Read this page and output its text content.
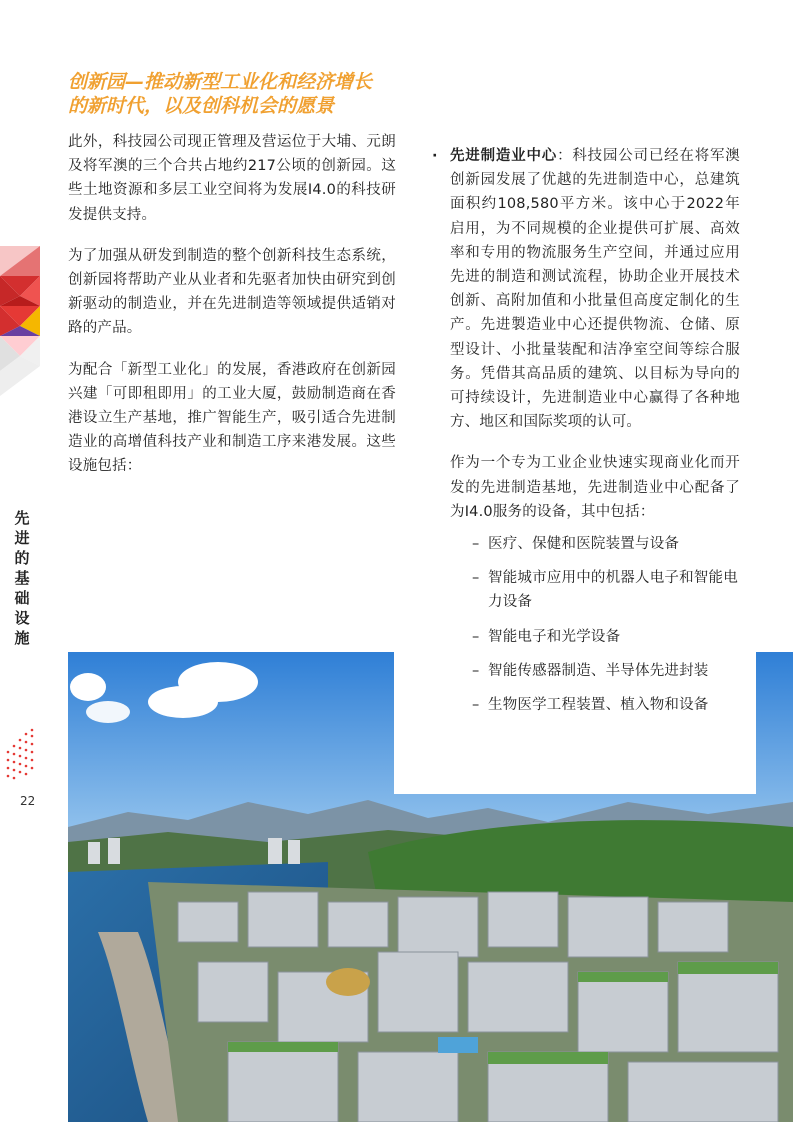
创新园—推动新型工业化和经济增长
的新时代，以及创科机会的愿景

此外，科技园公司现正管理及营运位于大埔、元朗及将军澳的三个合共占地约217公顷的创新园。这些土地资源和多层工业空间将为发展I4.0的科技研发提供支持。

为了加强从研发到制造的整个创新科技生态系统，创新园将帮助产业从业者和先驱者加快由研究到创新驱动的制造业，并在先进制造等领域提供适销对路的产品。

为配合「新型工业化」的发展，香港政府在创新园兴建「可即租即用」的工业大厦，鼓励制造商在香港设立生产基地，推广智能生产，吸引适合先进制造业的高增值科技产业和制造工序来港发展。这些设施包括：

先
进
的
基
础
设
施
22
· 先进制造业中心：科技园公司已经在将军澳创新园发展了优越的先进制造中心，总建筑面积约108,580平方米。该中心于2022年启用，为不同规模的企业提供可扩展、高效率和专用的物流服务生产空间，并通过应用先进的制造和测试流程，协助企业开展技术创新、高附加值和小批量但高度定制化的生产。先进製造业中心还提供物流、仓储、原型设计、小批量装配和洁净室空间等综合服务。凭借其高品质的建筑、以目标为导向的可持续设计，先进制造业中心赢得了各种地方、地区和国际奖项的认可。

作为一个专为工业企业快速实现商业化而开发的先进制造基地，先进制造业中心配备了为I4.0服务的设备，其中包括：

– 医疗、保健和医院装置与设备
– 智能城市应用中的机器人电子和智能电力设备
– 智能电子和光学设备
– 智能传感器制造、半导体先进封装
– 生物医学工程装置、植入物和设备
